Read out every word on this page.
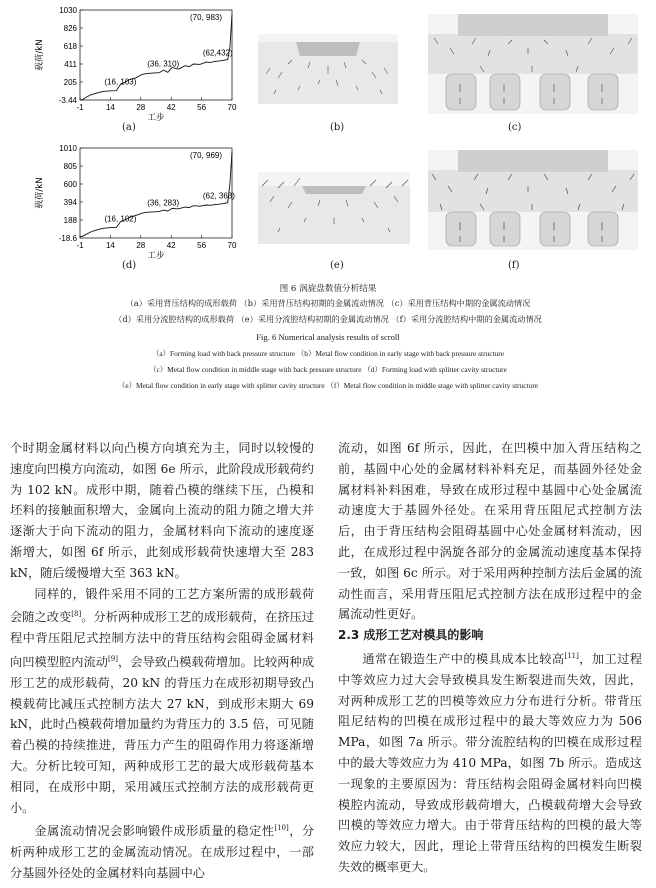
1030
826
618
411
205
-3.44
-1	14	28	42	56	70
载荷/kN
工步
(16, 103)
(36, 310)
(62,432)
(70, 983)
(a)	(b)	(c)
1010
805
600
394
188
-18.6
-1	14	28	42	56	70
载荷/kN
工步
(16, 102)
(36, 283)
(62, 363)
(70, 969)
(d)	(e)	(f)
图 6 涡旋盘数值分析结果
（a）采用背压结构的成形载荷 （b）采用背压结构初期的金属流动情况 （c）采用背压结构中期的金属流动情况
（d）采用分流腔结构的成形载荷 （e）采用分流腔结构初期的金属流动情况 （f）采用分流腔结构中期的金属流动情况
Fig. 6 Numerical analysis results of scroll
（a）Forming load with back pressure structure （b）Metal flow condition in early stage with back pressure structure
（c）Metal flow condition in middle stage with back pressure structure （d）Forming load with splitter cavity structure
（e）Metal flow condition in early stage with splitter cavity structure （f）Metal flow condition in middle stage with splitter cavity structure

个时期金属材料以向凸模方向填充为主，同时以较慢的速度向凹模方向流动，如图 6e 所示，此阶段成形载荷约为 102 kN。成形中期，随着凸模的继续下压，凸模和坯料的接触面积增大，金属向上流动的阻力随之增大并逐渐大于向下流动的阻力，金属材料向下流动的速度逐渐增大，如图 6f 所示，此刻成形载荷快速增大至 283 kN，随后缓慢增大至 363 kN。

同样的，锻件采用不同的工艺方案所需的成形载荷会随之改变[8]。分析两种成形工艺的成形载荷，在挤压过程中背压阻尼式控制方法中的背压结构会阻碍金属材料向凹模型腔内流动[9]，会导致凸模载荷增加。比较两种成形工艺的成形载荷，20 kN 的背压力在成形初期导致凸模载荷比减压式控制方法大 27 kN，到成形末期大 69 kN，此时凸模载荷增加量约为背压力的 3.5 倍，可见随着凸模的持续推进，背压力产生的阻碍作用力将逐渐增大。分析比较可知，两种成形工艺的最大成形载荷基本相同，在成形中期，采用减压式控制方法的成形载荷更小。

金属流动情况会影响锻件成形质量的稳定性[10]，分析两种成形工艺的金属流动情况。在成形过程中，一部分基圆外径处的金属材料向基圆中心

流动，如图 6f 所示，因此，在凹模中加入背压结构之前，基圆中心处的金属材料补料充足，而基圆外径处金属材料补料困难，导致在成形过程中基圆中心处金属流动速度大于基圆外径处。在采用背压阻尼式控制方法后，由于背压结构会阻碍基圆中心处金属材料流动，因此，在成形过程中涡旋各部分的金属流动速度基本保持一致，如图 6c 所示。对于采用两种控制方法后金属的流动性而言，采用背压阻尼式控制方法在成形过程中的金属流动性更好。

2.3 成形工艺对模具的影响

通常在锻造生产中的模具成本比较高[11]，加工过程中等效应力过大会导致模具发生断裂进而失效，因此，对两种成形工艺的凹模等效应力分布进行分析。带背压阻尼结构的凹模在成形过程中的最大等效应力为 506 MPa，如图 7a 所示。带分流腔结构的凹模在成形过程中的最大等效应力为 410 MPa，如图 7b 所示。造成这一现象的主要原因为：背压结构会阻碍金属材料向凹模模腔内流动，导致成形载荷增大，凸模载荷增大会导致凹模的等效应力增大。由于带背压结构的凹模的最大等效应力较大，因此，理论上带背压结构的凹模发生断裂失效的概率更大。
